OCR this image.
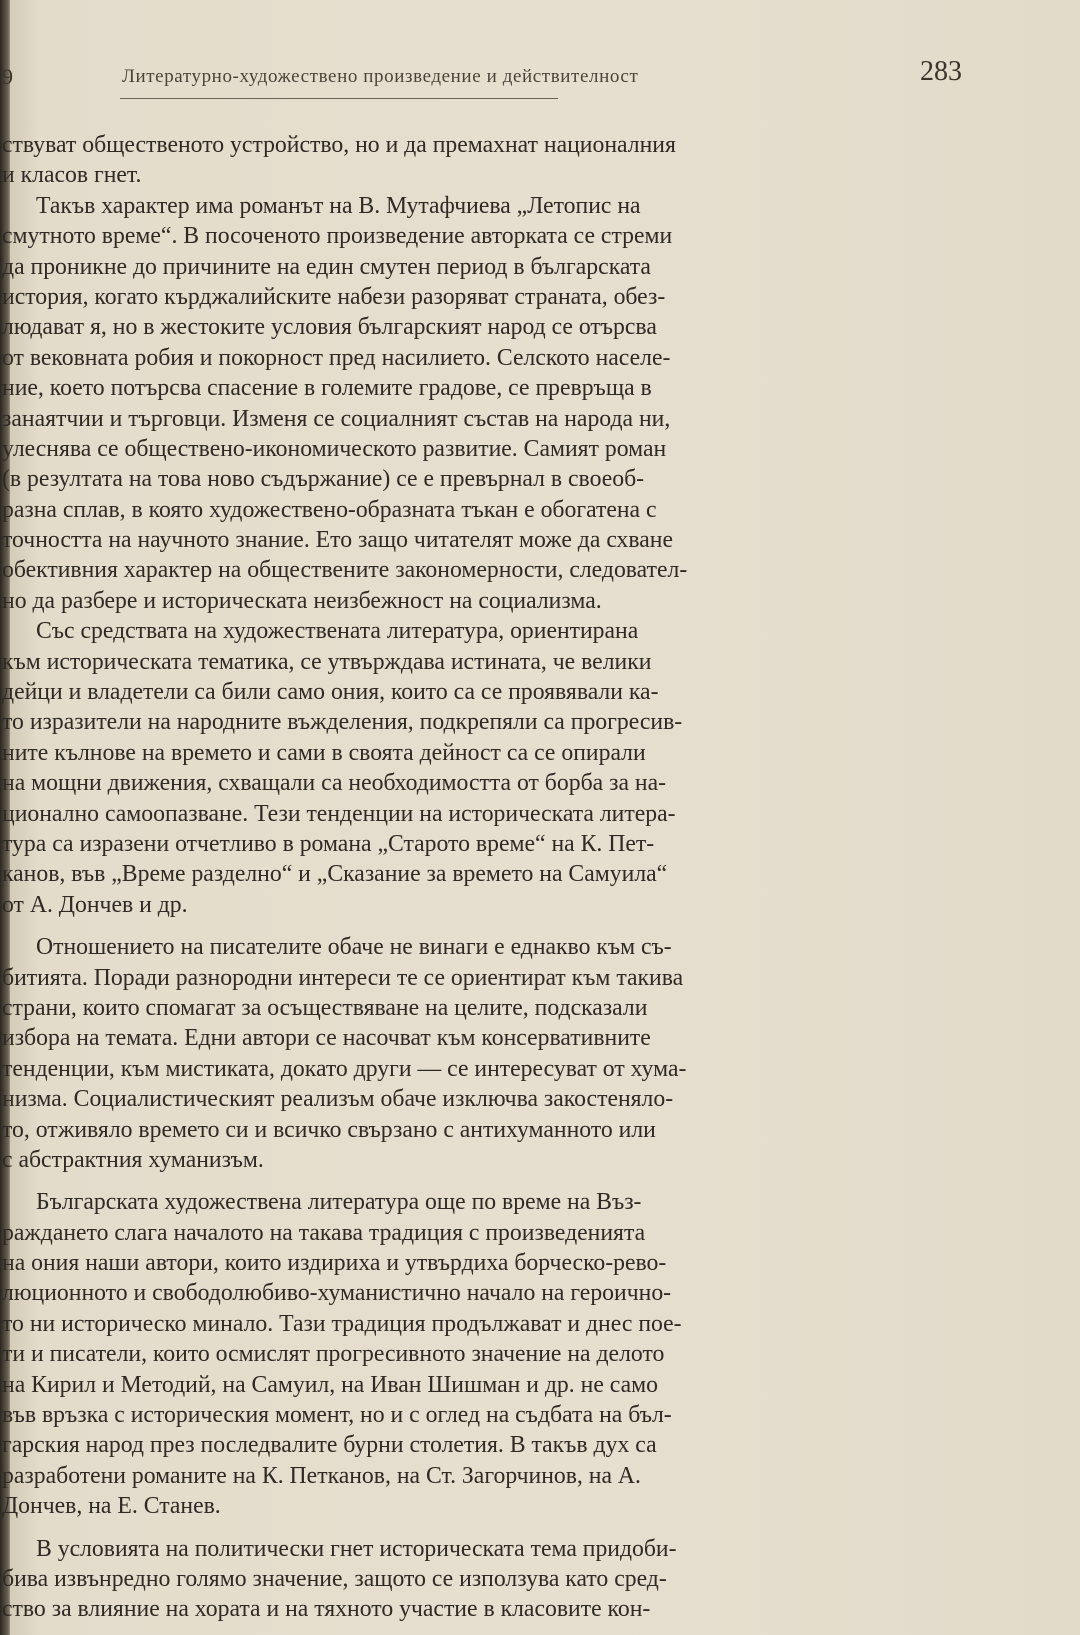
9	Литературно-художествено произведение и действителност	283
ствуват общественото устройство, но и да премахнат националния
и класов гнет.
Такъв характер има романът на В. Мутафчиева „Летопис на
смутното време“. В посоченото произведение авторката се стреми
да проникне до причините на един смутен период в българската
история, когато кърджалийските набези разоряват страната, обез-
людават я, но в жестоките условия българският народ се отърсва
от вековната робия и покорност пред насилието. Селското населе-
ние, което потърсва спасение в големите градове, се превръща в
занаятчии и търговци. Изменя се социалният състав на народа ни,
улеснява се обществено-икономическото развитие. Самият роман
(в резултата на това ново съдържание) се е превърнал в своеоб-
разна сплав, в която художествено-образната тъкан е обогатена с
точността на научното знание. Ето защо читателят може да схване
обективния характер на обществените закономерности, следовател-
но да разбере и историческата неизбежност на социализма.
Със средствата на художествената литература, ориентирана
към историческата тематика, се утвърждава истината, че велики
дейци и владетели са били само ония, които са се проявявали ка-
то изразители на народните въжделения, подкрепяли са прогресив-
ните кълнове на времето и сами в своята дейност са се опирали
на мощни движения, схващали са необходимостта от борба за на-
ционално самоопазване. Тези тенденции на историческата литера-
тура са изразени отчетливо в романа „Старото време“ на К. Пет-
канов, във „Време разделно“ и „Сказание за времето на Самуила“
от А. Дончев и др.
Отношението на писателите обаче не винаги е еднакво към съ-
битията. Поради разнородни интереси те се ориентират към такива
страни, които спомагат за осъществяване на целите, подсказали
избора на темата. Едни автори се насочват към консервативните
тенденции, към мистиката, докато други — се интересуват от хума-
низма. Социалистическият реализъм обаче изключва закостеняло-
то, отживяло времето си и всичко свързано с антихуманното или
с абстрактния хуманизъм.
Българската художествена литература още по време на Въз-
раждането слага началото на такава традиция с произведенията
на ония наши автори, които издириха и утвърдиха борческо-рево-
люционното и свободолюбиво-хуманистично начало на героично-
то ни историческо минало. Тази традиция продължават и днес пое-
ти и писатели, които осмислят прогресивното значение на делото
на Кирил и Методий, на Самуил, на Иван Шишман и др. не само
във връзка с историческия момент, но и с оглед на съдбата на бъл-
гарския народ през последвалите бурни столетия. В такъв дух са
разработени романите на К. Петканов, на Ст. Загорчинов, на А.
Дончев, на Е. Станев.
В условията на политически гнет историческата тема придоби-
бива извънредно голямо значение, защото се използува като сред-
ство за влияние на хората и на тяхното участие в класовите кон-
